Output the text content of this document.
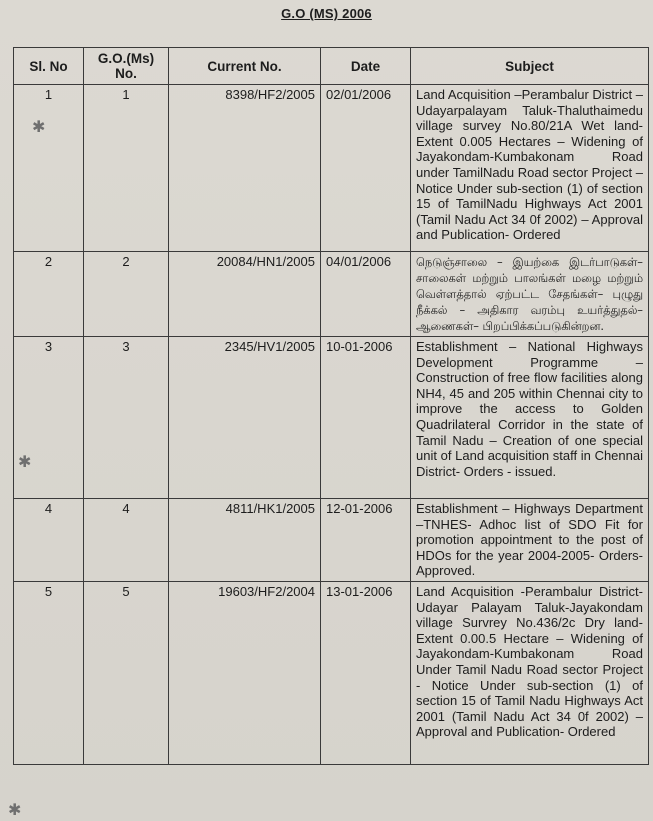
G.O (MS) 2006
Sl. No	G.O.(Ms) No.	Current No.	Date	Subject
1	1	8398/HF2/2005	02/01/2006	Land Acquisition –Perambalur District – Udayarpalayam Taluk-Thaluthaimedu village survey No.80/21A Wet land- Extent 0.005 Hectares – Widening of Jayakondam-Kumbakonam Road under TamilNadu Road sector Project – Notice Under sub-section (1) of section 15 of TamilNadu Highways Act 2001 (Tamil Nadu Act 34 0f 2002) – Approval and Publication- Ordered
2	2	20084/HN1/2005	04/01/2006	நெடுஞ்சாலை – இயற்கை இடர்பாடுகள்– சாலைகள் மற்றும் பாலங்கள் மழை மற்றும் வெள்ளத்தால் ஏற்பட்ட சேதங்கள்– புழுது நீக்கல் – அதிகார வரம்பு உயர்த்துதல்– ஆணைகள்– பிறப்பிக்கப்படுகின்றன.
3	3	2345/HV1/2005	10-01-2006	Establishment – National Highways Development Programme – Construction of free flow facilities along NH4, 45 and 205 within Chennai city to improve the access to Golden Quadrilateral Corridor in the state of Tamil Nadu – Creation of one special unit of Land acquisition staff in Chennai District- Orders - issued.
4	4	4811/HK1/2005	12-01-2006	Establishment – Highways Department –TNHES- Adhoc list of SDO Fit for promotion appointment to the post of HDOs for the year 2004-2005- Orders-Approved.
5	5	19603/HF2/2004	13-01-2006	Land Acquisition -Perambalur District-Udayar Palayam Taluk-Jayakondam village Survrey No.436/2c Dry land- Extent 0.00.5 Hectare – Widening of Jayakondam-Kumbakonam Road Under Tamil Nadu Road sector Project - Notice Under sub-section (1) of section 15 of Tamil Nadu Highways Act 2001 (Tamil Nadu Act 34 0f 2002) – Approval and Publication- Ordered
✱
✱
✱
